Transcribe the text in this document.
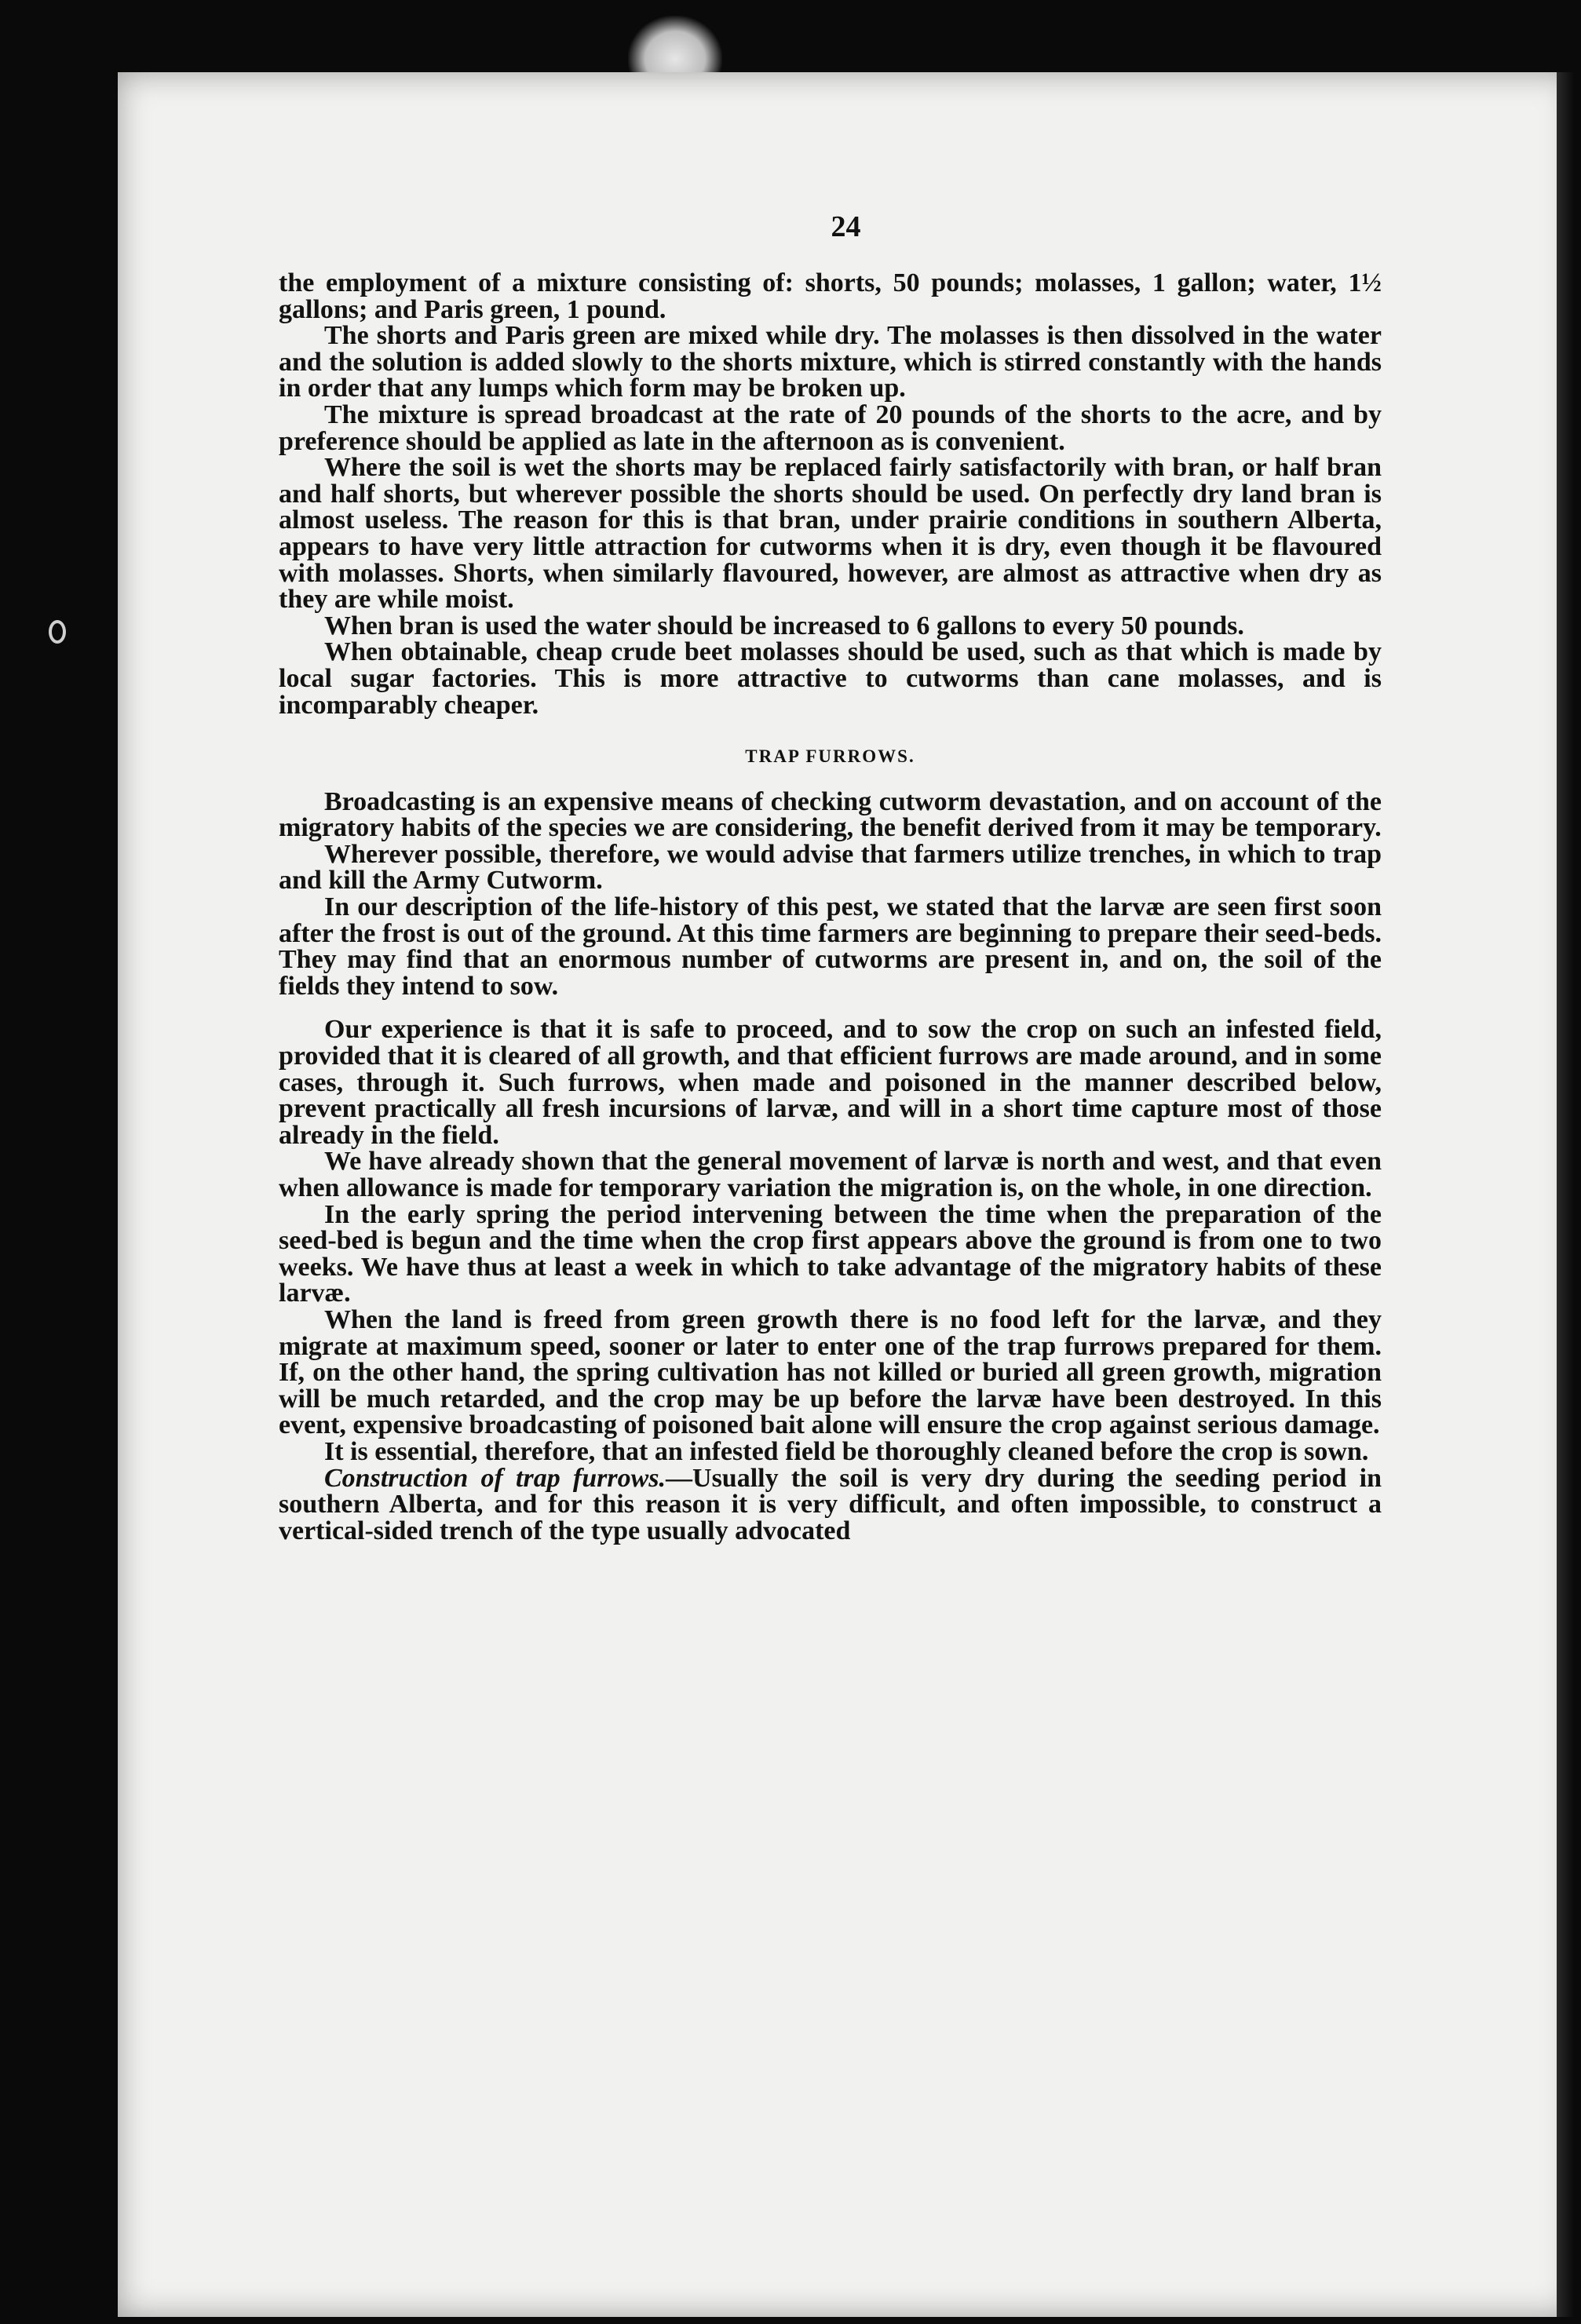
24

the employment of a mixture consisting of: shorts, 50 pounds; molasses, 1 gallon; water, 1½ gallons; and Paris green, 1 pound.

The shorts and Paris green are mixed while dry. The molasses is then dissolved in the water and the solution is added slowly to the shorts mixture, which is stirred constantly with the hands in order that any lumps which form may be broken up.

The mixture is spread broadcast at the rate of 20 pounds of the shorts to the acre, and by preference should be applied as late in the afternoon as is convenient.

Where the soil is wet the shorts may be replaced fairly satisfactorily with bran, or half bran and half shorts, but wherever possible the shorts should be used. On perfectly dry land bran is almost useless. The reason for this is that bran, under prairie conditions in southern Alberta, appears to have very little attraction for cutworms when it is dry, even though it be flavoured with molasses. Shorts, when similarly flavoured, however, are almost as attractive when dry as they are while moist.

When bran is used the water should be increased to 6 gallons to every 50 pounds.

When obtainable, cheap crude beet molasses should be used, such as that which is made by local sugar factories. This is more attractive to cutworms than cane molasses, and is incomparably cheaper.

TRAP FURROWS.

Broadcasting is an expensive means of checking cutworm devastation, and on account of the migratory habits of the species we are considering, the benefit derived from it may be temporary.

Wherever possible, therefore, we would advise that farmers utilize trenches, in which to trap and kill the Army Cutworm.

In our description of the life-history of this pest, we stated that the larvæ are seen first soon after the frost is out of the ground. At this time farmers are beginning to prepare their seed-beds. They may find that an enormous number of cutworms are present in, and on, the soil of the fields they intend to sow.

Our experience is that it is safe to proceed, and to sow the crop on such an infested field, provided that it is cleared of all growth, and that efficient furrows are made around, and in some cases, through it. Such furrows, when made and poisoned in the manner described below, prevent practically all fresh incursions of larvæ, and will in a short time capture most of those already in the field.

We have already shown that the general movement of larvæ is north and west, and that even when allowance is made for temporary variation the migration is, on the whole, in one direction.

In the early spring the period intervening between the time when the preparation of the seed-bed is begun and the time when the crop first appears above the ground is from one to two weeks. We have thus at least a week in which to take advantage of the migratory habits of these larvæ.

When the land is freed from green growth there is no food left for the larvæ, and they migrate at maximum speed, sooner or later to enter one of the trap furrows prepared for them. If, on the other hand, the spring cultivation has not killed or buried all green growth, migration will be much retarded, and the crop may be up before the larvæ have been destroyed. In this event, expensive broadcasting of poisoned bait alone will ensure the crop against serious damage.

It is essential, therefore, that an infested field be thoroughly cleaned before the crop is sown.

Construction of trap furrows.—Usually the soil is very dry during the seeding period in southern Alberta, and for this reason it is very difficult, and often impossible, to construct a vertical-sided trench of the type usually advocated
